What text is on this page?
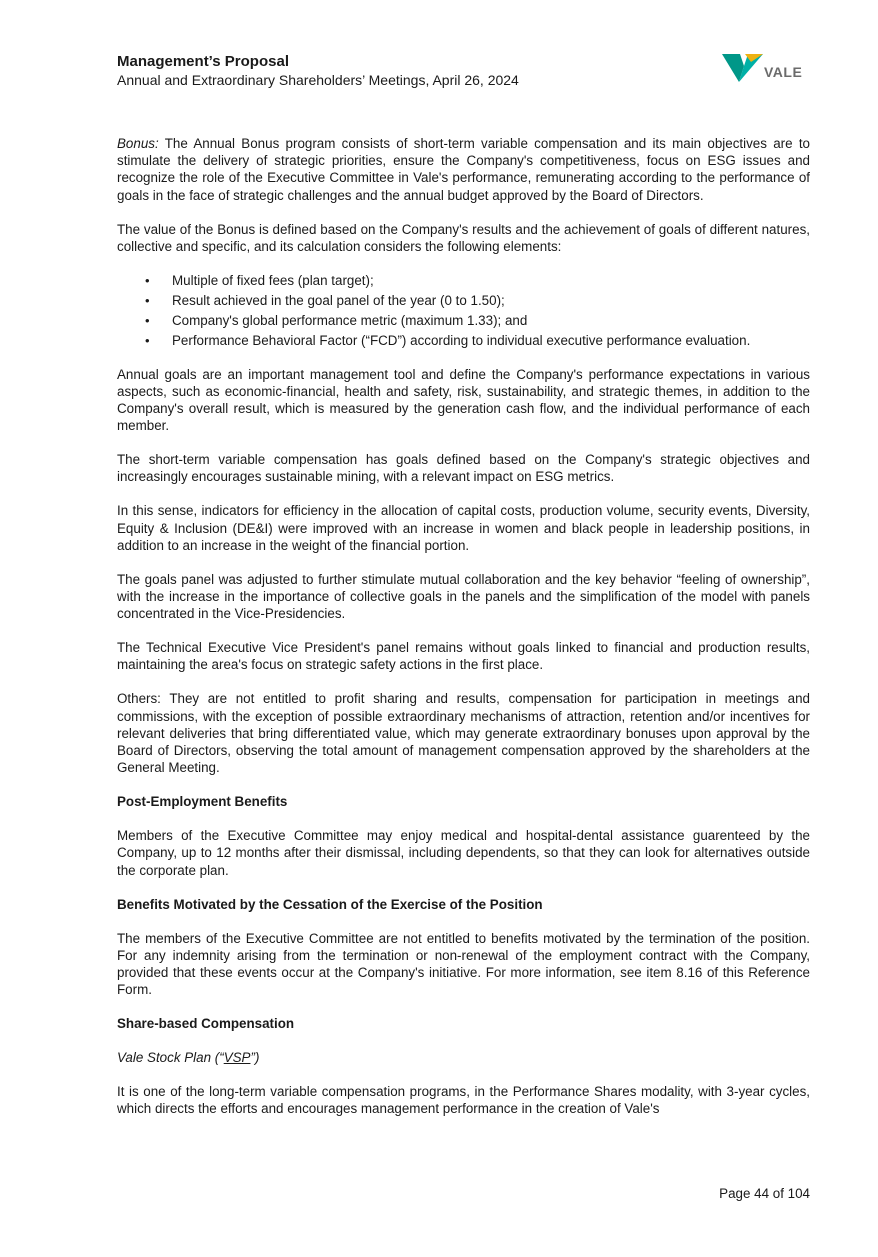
Management’s Proposal
Annual and Extraordinary Shareholders’ Meetings, April 26, 2024	VALE

Bonus: The Annual Bonus program consists of short-term variable compensation and its main objectives are to stimulate the delivery of strategic priorities, ensure the Company's competitiveness, focus on ESG issues and recognize the role of the Executive Committee in Vale's performance, remunerating according to the performance of goals in the face of strategic challenges and the annual budget approved by the Board of Directors.

The value of the Bonus is defined based on the Company's results and the achievement of goals of different natures, collective and specific, and its calculation considers the following elements:

• Multiple of fixed fees (plan target);
• Result achieved in the goal panel of the year (0 to 1.50);
• Company's global performance metric (maximum 1.33); and
• Performance Behavioral Factor (“FCD”) according to individual executive performance evaluation.

Annual goals are an important management tool and define the Company's performance expectations in various aspects, such as economic-financial, health and safety, risk, sustainability, and strategic themes, in addition to the Company's overall result, which is measured by the generation cash flow, and the individual performance of each member.

The short-term variable compensation has goals defined based on the Company's strategic objectives and increasingly encourages sustainable mining, with a relevant impact on ESG metrics.

In this sense, indicators for efficiency in the allocation of capital costs, production volume, security events, Diversity, Equity & Inclusion (DE&I) were improved with an increase in women and black people in leadership positions, in addition to an increase in the weight of the financial portion.

The goals panel was adjusted to further stimulate mutual collaboration and the key behavior “feeling of ownership”, with the increase in the importance of collective goals in the panels and the simplification of the model with panels concentrated in the Vice-Presidencies.

The Technical Executive Vice President's panel remains without goals linked to financial and production results, maintaining the area's focus on strategic safety actions in the first place.

Others: They are not entitled to profit sharing and results, compensation for participation in meetings and commissions, with the exception of possible extraordinary mechanisms of attraction, retention and/or incentives for relevant deliveries that bring differentiated value, which may generate extraordinary bonuses upon approval by the Board of Directors, observing the total amount of management compensation approved by the shareholders at the General Meeting.

Post-Employment Benefits

Members of the Executive Committee may enjoy medical and hospital-dental assistance guarenteed by the Company, up to 12 months after their dismissal, including dependents, so that they can look for alternatives outside the corporate plan.

Benefits Motivated by the Cessation of the Exercise of the Position

The members of the Executive Committee are not entitled to benefits motivated by the termination of the position. For any indemnity arising from the termination or non-renewal of the employment contract with the Company, provided that these events occur at the Company's initiative. For more information, see item 8.16 of this Reference Form.

Share-based Compensation

Vale Stock Plan (“VSP”)

It is one of the long-term variable compensation programs, in the Performance Shares modality, with 3-year cycles, which directs the efforts and encourages management performance in the creation of Vale's

Page 44 of 104
